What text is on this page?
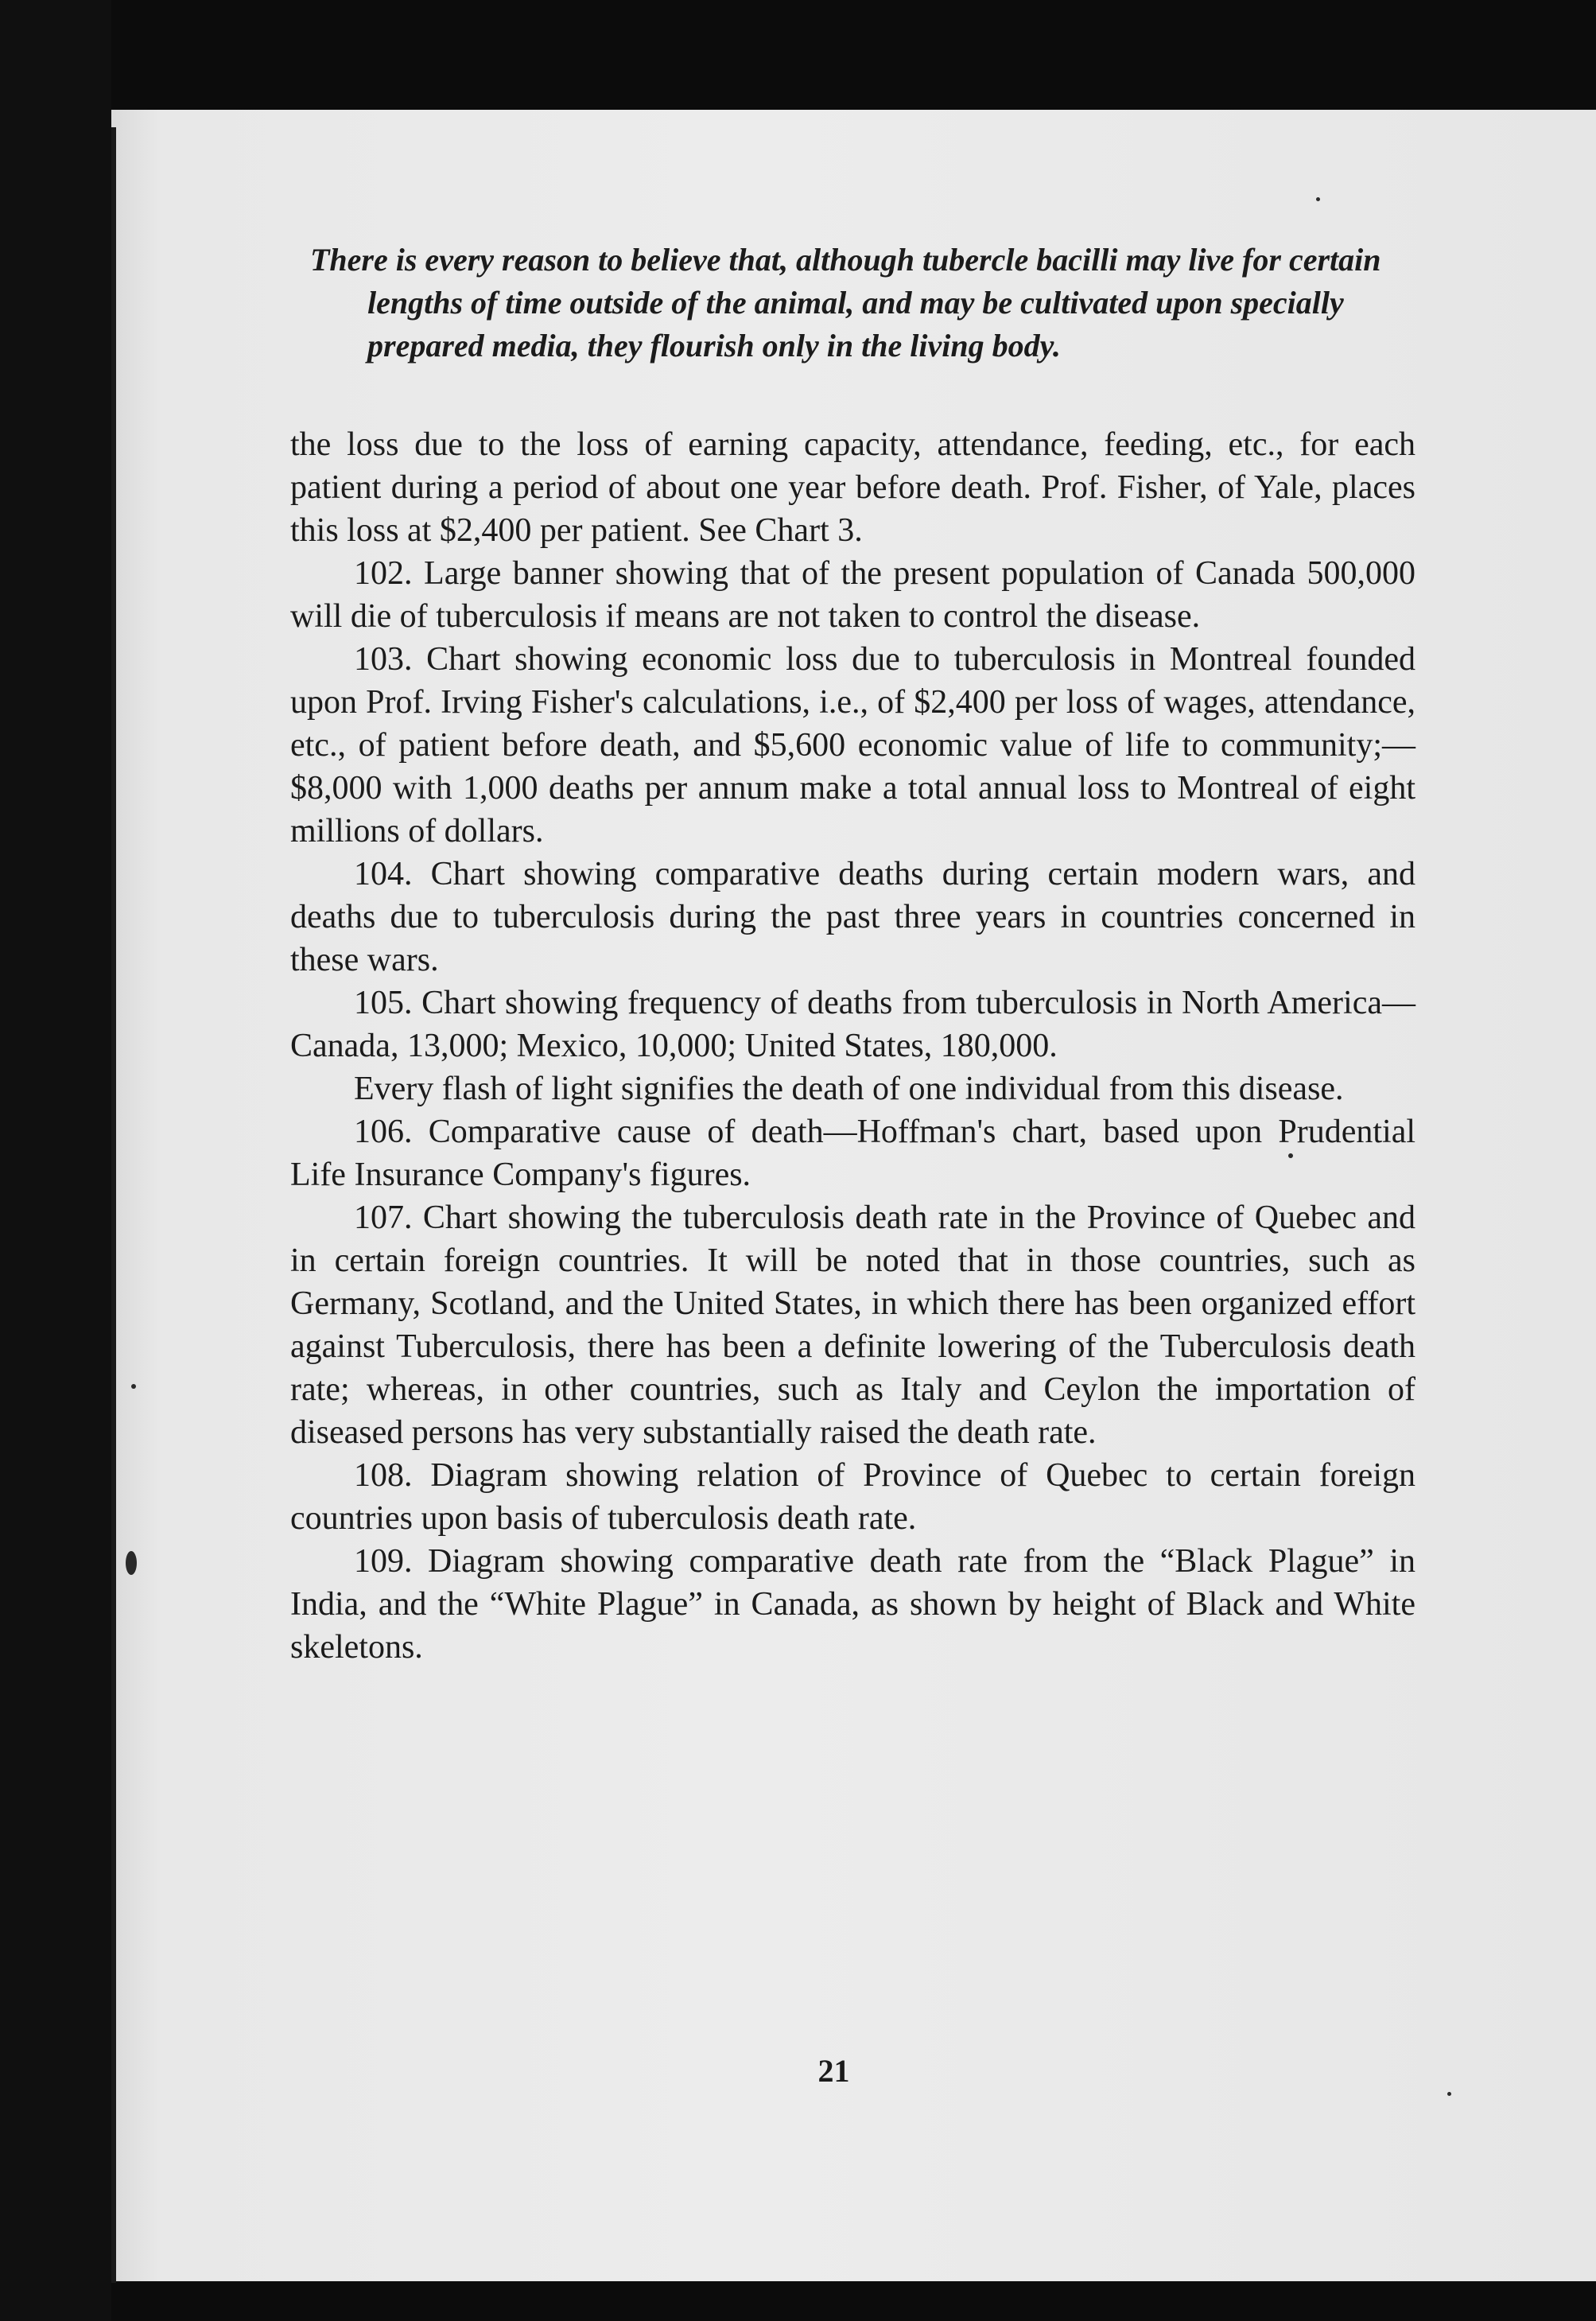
There is every reason to believe that, although tubercle bacilli may live for certain lengths of time outside of the animal, and may be cultivated upon specially prepared media, they flourish only in the living body.

the loss due to the loss of earning capacity, attendance, feeding, etc., for each patient during a period of about one year before death. Prof. Fisher, of Yale, places this loss at $2,400 per patient. See Chart 3.

102. Large banner showing that of the present population of Canada 500,000 will die of tuberculosis if means are not taken to control the disease.

103. Chart showing economic loss due to tuberculosis in Montreal founded upon Prof. Irving Fisher's calculations, i.e., of $2,400 per loss of wages, attendance, etc., of patient before death, and $5,600 economic value of life to community;—$8,000 with 1,000 deaths per annum make a total annual loss to Montreal of eight millions of dollars.

104. Chart showing comparative deaths during certain modern wars, and deaths due to tuberculosis during the past three years in countries concerned in these wars.

105. Chart showing frequency of deaths from tuberculosis in North America—Canada, 13,000; Mexico, 10,000; United States, 180,000.

Every flash of light signifies the death of one individual from this disease.

106. Comparative cause of death—Hoffman's chart, based upon Prudential Life Insurance Company's figures.

107. Chart showing the tuberculosis death rate in the Province of Quebec and in certain foreign countries. It will be noted that in those countries, such as Germany, Scotland, and the United States, in which there has been organized effort against Tuberculosis, there has been a definite lowering of the Tuberculosis death rate; whereas, in other countries, such as Italy and Ceylon the importation of diseased persons has very substantially raised the death rate.

108. Diagram showing relation of Province of Quebec to certain foreign countries upon basis of tuberculosis death rate.

109. Diagram showing comparative death rate from the “Black Plague” in India, and the “White Plague” in Canada, as shown by height of Black and White skeletons.

21
